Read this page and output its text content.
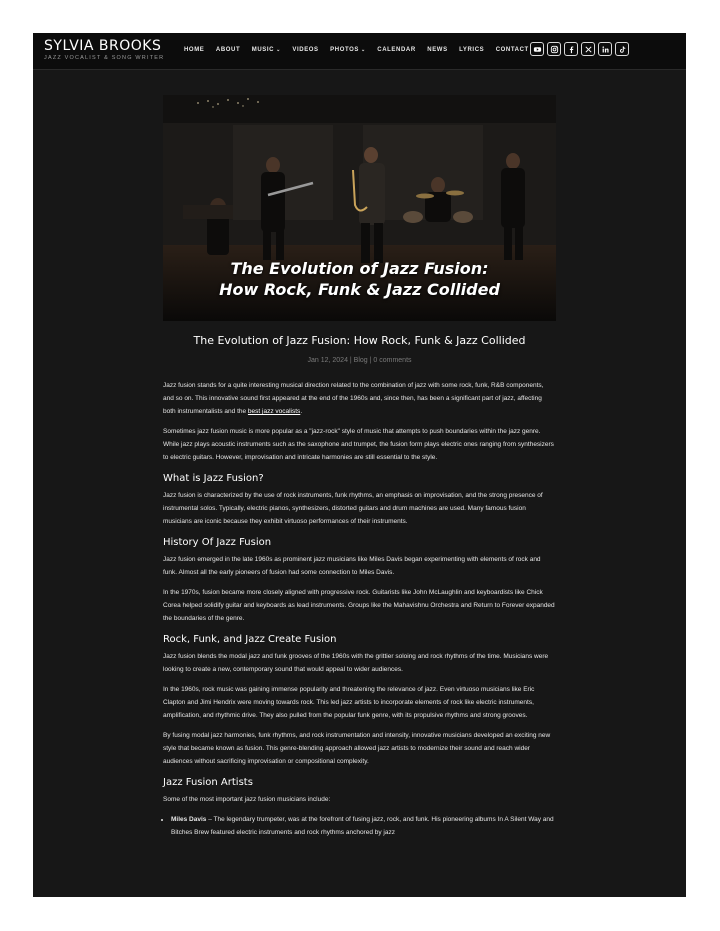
SYLVIA BROOKS
JAZZ VOCALIST & SONG WRITER
HOME ABOUT MUSIC ⌄ VIDEOS PHOTOS ⌄ CALENDAR NEWS LYRICS CONTACT
The Evolution of Jazz Fusion:
How Rock, Funk & Jazz Collided
The Evolution of Jazz Fusion: How Rock, Funk & Jazz Collided
Jan 12, 2024 | Blog | 0 comments

Jazz fusion stands for a quite interesting musical direction related to the combination of jazz with some rock, funk, R&B components, and so on. This innovative sound first appeared at the end of the 1960s and, since then, has been a significant part of jazz, affecting both instrumentalists and the best jazz vocalists.

Sometimes jazz fusion music is more popular as a "jazz-rock" style of music that attempts to push boundaries within the jazz genre. While jazz plays acoustic instruments such as the saxophone and trumpet, the fusion form plays electric ones ranging from synthesizers to electric guitars. However, improvisation and intricate harmonies are still essential to the style.

What is Jazz Fusion?

Jazz fusion is characterized by the use of rock instruments, funk rhythms, an emphasis on improvisation, and the strong presence of instrumental solos. Typically, electric pianos, synthesizers, distorted guitars and drum machines are used. Many famous fusion musicians are iconic because they exhibit virtuoso performances of their instruments.

History Of Jazz Fusion

Jazz fusion emerged in the late 1960s as prominent jazz musicians like Miles Davis began experimenting with elements of rock and funk. Almost all the early pioneers of fusion had some connection to Miles Davis.

In the 1970s, fusion became more closely aligned with progressive rock. Guitarists like John McLaughlin and keyboardists like Chick Corea helped solidify guitar and keyboards as lead instruments. Groups like the Mahavishnu Orchestra and Return to Forever expanded the boundaries of the genre.

Rock, Funk, and Jazz Create Fusion

Jazz fusion blends the modal jazz and funk grooves of the 1960s with the grittier soloing and rock rhythms of the time. Musicians were looking to create a new, contemporary sound that would appeal to wider audiences.

In the 1960s, rock music was gaining immense popularity and threatening the relevance of jazz. Even virtuoso musicians like Eric Clapton and Jimi Hendrix were moving towards rock. This led jazz artists to incorporate elements of rock like electric instruments, amplification, and rhythmic drive. They also pulled from the popular funk genre, with its propulsive rhythms and strong grooves.

By fusing modal jazz harmonies, funk rhythms, and rock instrumentation and intensity, innovative musicians developed an exciting new style that became known as fusion. This genre-blending approach allowed jazz artists to modernize their sound and reach wider audiences without sacrificing improvisation or compositional complexity.

Jazz Fusion Artists

Some of the most important jazz fusion musicians include:

• Miles Davis – The legendary trumpeter, was at the forefront of fusing jazz, rock, and funk. His pioneering albums In A Silent Way and Bitches Brew featured electric instruments and rock rhythms anchored by jazz
